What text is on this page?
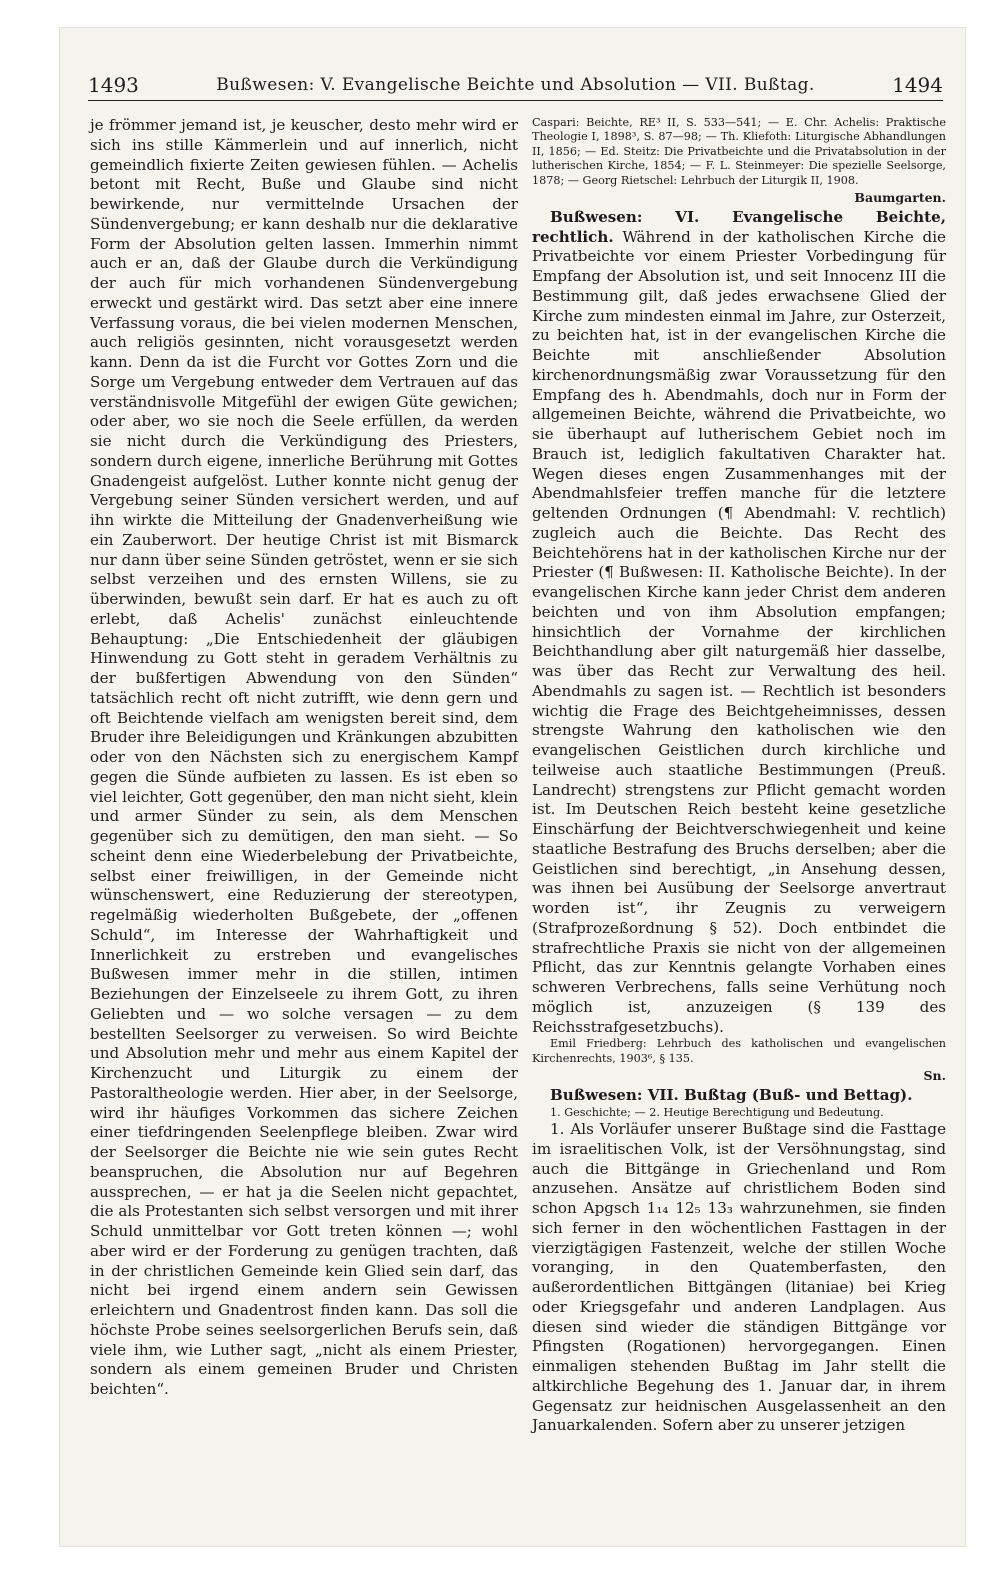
1493	Bußwesen: V. Evangelische Beichte und Absolution — VII. Bußtag.	1494

je frömmer jemand ist, je keuscher, desto mehr wird er sich ins stille Kämmerlein und auf innerlich, nicht gemeindlich fixierte Zeiten gewiesen fühlen. — Achelis betont mit Recht, Buße und Glaube sind nicht bewirkende, nur vermittelnde Ursachen der Sündenvergebung; er kann deshalb nur die deklarative Form der Absolution gelten lassen. Immerhin nimmt auch er an, daß der Glaube durch die Verkündigung der auch für mich vorhandenen Sündenvergebung erweckt und gestärkt wird. Das setzt aber eine innere Verfassung voraus, die bei vielen modernen Menschen, auch religiös gesinnten, nicht vorausgesetzt werden kann. Denn da ist die Furcht vor Gottes Zorn und die Sorge um Vergebung entweder dem Vertrauen auf das verständnisvolle Mitgefühl der ewigen Güte gewichen; oder aber, wo sie noch die Seele erfüllen, da werden sie nicht durch die Verkündigung des Priesters, sondern durch eigene, innerliche Berührung mit Gottes Gnadengeist aufgelöst. Luther konnte nicht genug der Vergebung seiner Sünden versichert werden, und auf ihn wirkte die Mitteilung der Gnadenverheißung wie ein Zauberwort. Der heutige Christ ist mit Bismarck nur dann über seine Sünden getröstet, wenn er sie sich selbst verzeihen und des ernsten Willens, sie zu überwinden, bewußt sein darf. Er hat es auch zu oft erlebt, daß Achelis' zunächst einleuchtende Behauptung: „Die Entschiedenheit der gläubigen Hinwendung zu Gott steht in geradem Verhältnis zu der bußfertigen Abwendung von den Sünden“ tatsächlich recht oft nicht zutrifft, wie denn gern und oft Beichtende vielfach am wenigsten bereit sind, dem Bruder ihre Beleidigungen und Kränkungen abzubitten oder von den Nächsten sich zu energischem Kampf gegen die Sünde aufbieten zu lassen. Es ist eben so viel leichter, Gott gegenüber, den man nicht sieht, klein und armer Sünder zu sein, als dem Menschen gegenüber sich zu demütigen, den man sieht. — So scheint denn eine Wiederbelebung der Privatbeichte, selbst einer freiwilligen, in der Gemeinde nicht wünschenswert, eine Reduzierung der stereotypen, regelmäßig wiederholten Bußgebete, der „offenen Schuld“, im Interesse der Wahrhaftigkeit und Innerlichkeit zu erstreben und evangelisches Bußwesen immer mehr in die stillen, intimen Beziehungen der Einzelseele zu ihrem Gott, zu ihren Geliebten und — wo solche versagen — zu dem bestellten Seelsorger zu verweisen. So wird Beichte und Absolution mehr und mehr aus einem Kapitel der Kirchenzucht und Liturgik zu einem der Pastoraltheologie werden. Hier aber, in der Seelsorge, wird ihr häufiges Vorkommen das sichere Zeichen einer tiefdringenden Seelenpflege bleiben. Zwar wird der Seelsorger die Beichte nie wie sein gutes Recht beanspruchen, die Absolution nur auf Begehren aussprechen, — er hat ja die Seelen nicht gepachtet, die als Protestanten sich selbst versorgen und mit ihrer Schuld unmittelbar vor Gott treten können —; wohl aber wird er der Forderung zu genügen trachten, daß in der christlichen Gemeinde kein Glied sein darf, das nicht bei irgend einem andern sein Gewissen erleichtern und Gnadentrost finden kann. Das soll die höchste Probe seines seelsorgerlichen Berufs sein, daß viele ihm, wie Luther sagt, „nicht als einem Priester, sondern als einem gemeinen Bruder und Christen beichten“.

Caspari: Beichte, RE³ II, S. 533—541; — E. Chr. Achelis: Praktische Theologie I, 1898³, S. 87—98; — Th. Kliefoth: Liturgische Abhandlungen II, 1856; — Ed. Steitz: Die Privatbeichte und die Privatabsolution in der lutherischen Kirche, 1854; — F. L. Steinmeyer: Die spezielle Seelsorge, 1878; — Georg Rietschel: Lehrbuch der Liturgik II, 1908.

Baumgarten.

Bußwesen: VI. Evangelische Beichte, rechtlich. Während in der katholischen Kirche die Privatbeichte vor einem Priester Vorbedingung für Empfang der Absolution ist, und seit Innocenz III die Bestimmung gilt, daß jedes erwachsene Glied der Kirche zum mindesten einmal im Jahre, zur Osterzeit, zu beichten hat, ist in der evangelischen Kirche die Beichte mit anschließender Absolution kirchenordnungsmäßig zwar Voraussetzung für den Empfang des h. Abendmahls, doch nur in Form der allgemeinen Beichte, während die Privatbeichte, wo sie überhaupt auf lutherischem Gebiet noch im Brauch ist, lediglich fakultativen Charakter hat. Wegen dieses engen Zusammenhanges mit der Abendmahlsfeier treffen manche für die letztere geltenden Ordnungen (¶ Abendmahl: V. rechtlich) zugleich auch die Beichte. Das Recht des Beichtehörens hat in der katholischen Kirche nur der Priester (¶ Bußwesen: II. Katholische Beichte). In der evangelischen Kirche kann jeder Christ dem anderen beichten und von ihm Absolution empfangen; hinsichtlich der Vornahme der kirchlichen Beichthandlung aber gilt naturgemäß hier dasselbe, was über das Recht zur Verwaltung des heil. Abendmahls zu sagen ist. — Rechtlich ist besonders wichtig die Frage des Beichtgeheimnisses, dessen strengste Wahrung den katholischen wie den evangelischen Geistlichen durch kirchliche und teilweise auch staatliche Bestimmungen (Preuß. Landrecht) strengstens zur Pflicht gemacht worden ist. Im Deutschen Reich besteht keine gesetzliche Einschärfung der Beichtverschwiegenheit und keine staatliche Bestrafung des Bruchs derselben; aber die Geistlichen sind berechtigt, „in Ansehung dessen, was ihnen bei Ausübung der Seelsorge anvertraut worden ist“, ihr Zeugnis zu verweigern (Strafprozeßordnung § 52). Doch entbindet die strafrechtliche Praxis sie nicht von der allgemeinen Pflicht, das zur Kenntnis gelangte Vorhaben eines schweren Verbrechens, falls seine Verhütung noch möglich ist, anzuzeigen (§ 139 des Reichsstrafgesetzbuchs).

Emil Friedberg: Lehrbuch des katholischen und evangelischen Kirchenrechts, 1903⁶, § 135.

Sn.

Bußwesen: VII. Bußtag (Buß- und Bettag).

1. Geschichte; — 2. Heutige Berechtigung und Bedeutung.

1. Als Vorläufer unserer Bußtage sind die Fasttage im israelitischen Volk, ist der Versöhnungstag, sind auch die Bittgänge in Griechenland und Rom anzusehen. Ansätze auf christlichem Boden sind schon Apgsch 1₁₄ 12₅ 13₃ wahrzunehmen, sie finden sich ferner in den wöchentlichen Fasttagen in der vierzigtägigen Fastenzeit, welche der stillen Woche voranging, in den Quatemberfasten, den außerordentlichen Bittgängen (litaniae) bei Krieg oder Kriegsgefahr und anderen Landplagen. Aus diesen sind wieder die ständigen Bittgänge vor Pfingsten (Rogationen) hervorgegangen. Einen einmaligen stehenden Bußtag im Jahr stellt die altkirchliche Begehung des 1. Januar dar, in ihrem Gegensatz zur heidnischen Ausgelassenheit an den Januarkalenden. Sofern aber zu unserer jetzigen
